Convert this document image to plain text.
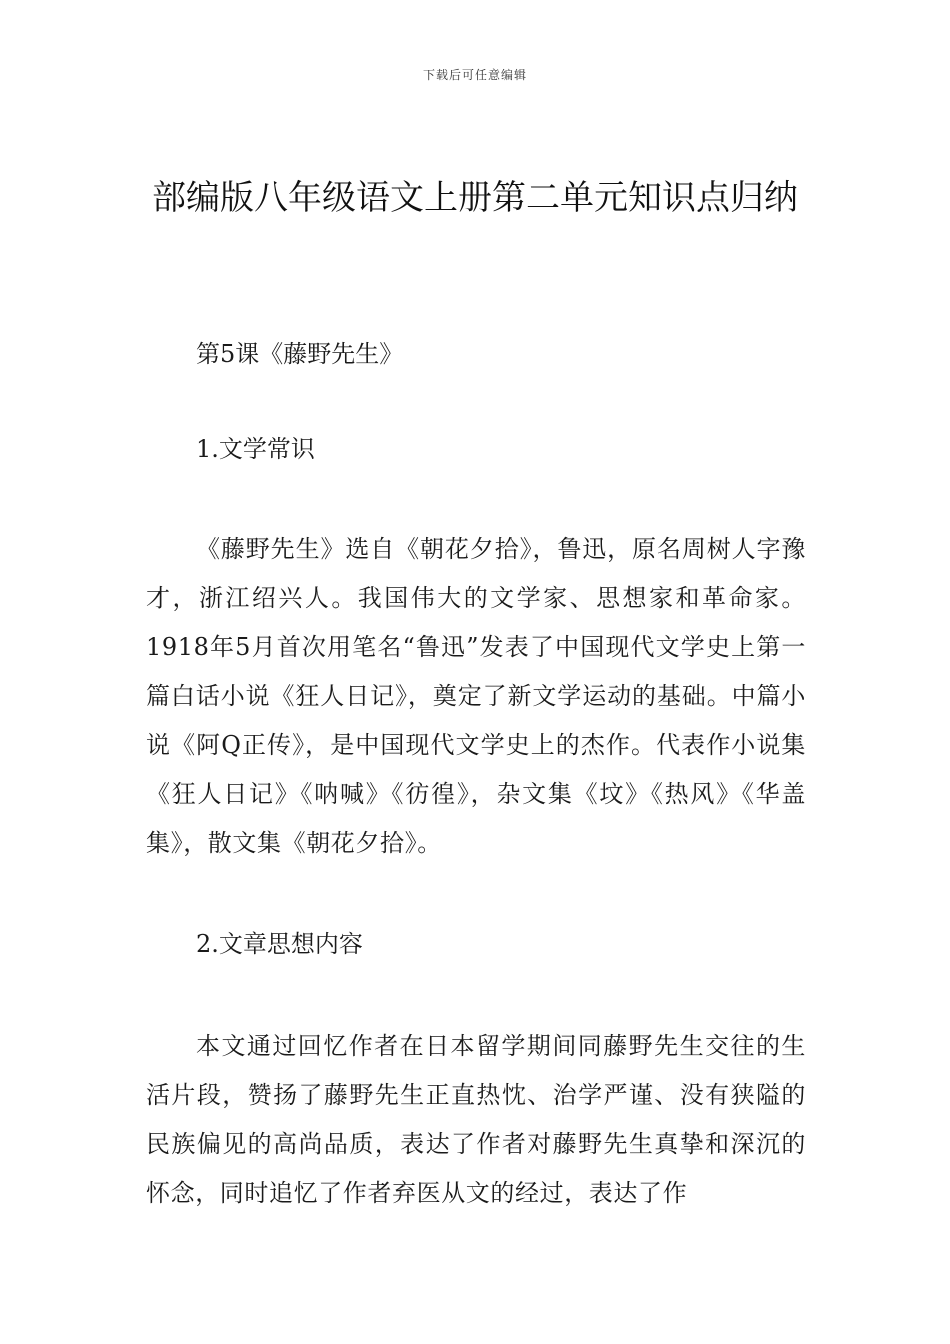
下载后可任意编辑
部编版八年级语文上册第二单元知识点归纳
第5课《藤野先生》
1.文学常识

《藤野先生》选自《朝花夕拾》，鲁迅，原名周树人字豫才，浙江绍兴人。我国伟大的文学家、思想家和革命家。1918年5月首次用笔名“鲁迅”发表了中国现代文学史上第一篇白话小说《狂人日记》，奠定了新文学运动的基础。中篇小说《阿Q正传》，是中国现代文学史上的杰作。代表作小说集《狂人日记》《呐喊》《彷徨》，杂文集《坟》《热风》《华盖集》，散文集《朝花夕拾》。

2.文章思想内容

本文通过回忆作者在日本留学期间同藤野先生交往的生活片段，赞扬了藤野先生正直热忱、治学严谨、没有狭隘的民族偏见的高尚品质，表达了作者对藤野先生真挚和深沉的怀念，同时追忆了作者弃医从文的经过，表达了作
